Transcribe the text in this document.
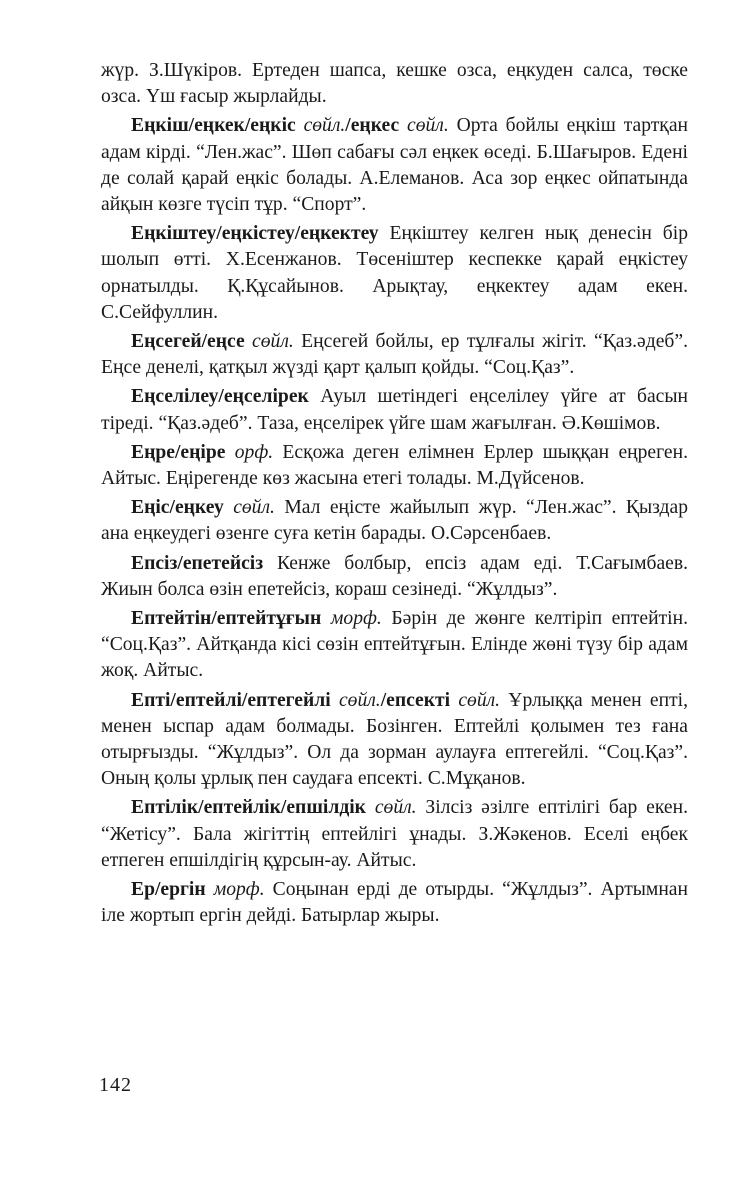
жүр. З.Шүкіров. Ертеден шапса, кешке озса, еңкуден салса, төске озса. Үш ғасыр жырлайды.

Еңкіш/еңкек/еңкіс сөйл./еңкес сөйл. Орта бойлы еңкіш тартқан адам кірді. “Лен.жас”. Шөп сабағы сәл еңкек өседі. Б.Шағыров. Едені де солай қарай еңкіс болады. А.Елеманов. Аса зор еңкес ойпатында айқын көзге түсіп тұр. “Спорт”.

Еңкіштеу/еңкістеу/еңкектеу Еңкіштеу келген нық денесін бір шолып өтті. Х.Есенжанов. Төсеніштер кеспекке қарай еңкістеу орнатылды. Қ.Құсайынов. Арықтау, еңкектеу адам екен. С.Сейфуллин.

Еңсегей/еңсе сөйл. Еңсегей бойлы, ер тұлғалы жігіт. “Қаз.әдеб”. Еңсе денелі, қатқыл жүзді қарт қалып қойды. “Соц.Қаз”.

Еңселілеу/еңселірек Ауыл шетіндегі еңселілеу үйге ат басын тіреді. “Қаз.әдеб”. Таза, еңселірек үйге шам жағылған. Ә.Көшімов.

Еңре/еңіре орф. Есқожа деген елімнен Ерлер шыққан еңреген. Айтыс. Еңірегенде көз жасына етегі толады. М.Дүйсенов.

Еңіс/еңкеу сөйл. Мал еңісте жайылып жүр. “Лен.жас”. Қыздар ана еңкеудегі өзенге суға кетін барады. О.Сәрсенбаев.

Епсіз/епетейсіз Кенже болбыр, епсіз адам еді. Т.Сағымбаев. Жиын болса өзін епетейсіз, кораш сезінеді. “Жұлдыз”.

Ептейтін/ептейтұғын морф. Бәрін де жөнге келтіріп ептейтін. “Соц.Қаз”. Айтқанда кісі сөзін ептейтұғын. Елінде жөні түзу бір адам жоқ. Айтыс.

Епті/ептейлі/ептегейлі сөйл./епсекті сөйл. Ұрлыққа менен епті, менен ыспар адам болмады. Бозінген. Ептейлі қолымен тез ғана отырғызды. “Жұлдыз”. Ол да зорман аулауға ептегейлі. “Соц.Қаз”. Оның қолы ұрлық пен саудаға епсекті. С.Мұқанов.

Ептілік/ептейлік/епшілдік сөйл. Зілсіз әзілге ептілігі бар екен. “Жетісу”. Бала жігіттің ептейлігі ұнады. З.Жәкенов. Еселі еңбек етпеген епшілдігің құрсын-ау. Айтыс.

Ер/ергін морф. Соңынан ерді де отырды. “Жұлдыз”. Артымнан іле жортып ергін дейді. Батырлар жыры.

142
